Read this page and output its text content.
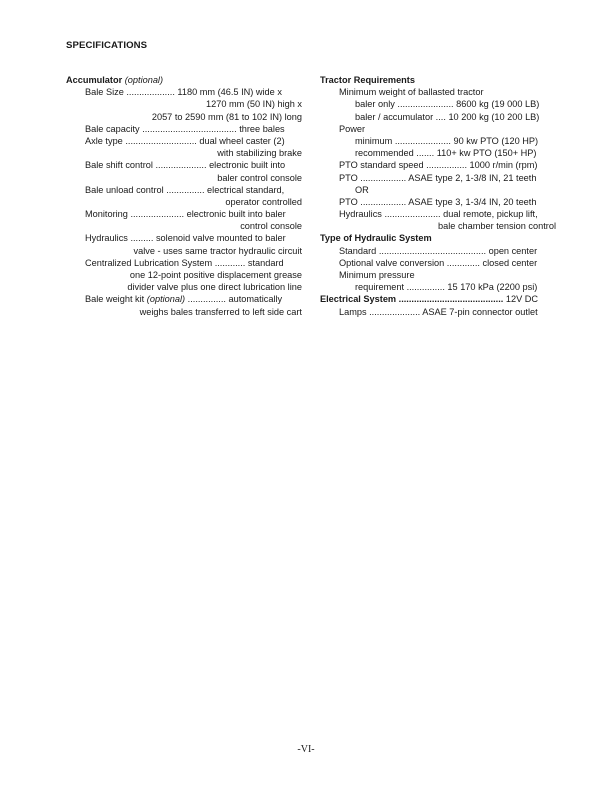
SPECIFICATIONS
Accumulator (optional)
Bale Size ................... 1180 mm (46.5 IN) wide x
1270 mm (50 IN) high x
2057 to 2590 mm (81 to 102 IN) long
Bale capacity ..................................... three bales
Axle type ............................ dual wheel caster (2)
with stabilizing brake
Bale shift control .................... electronic built into
baler control console
Bale unload control ............... electrical standard,
operator controlled
Monitoring ..................... electronic built into baler
control console
Hydraulics ......... solenoid valve mounted to baler
valve - uses same tractor hydraulic circuit
Centralized Lubrication System ............ standard
one 12-point positive displacement grease
divider valve plus one direct lubrication line
Bale weight kit (optional) ............... automatically
weighs bales transferred to left side cart
Tractor Requirements
Minimum weight of ballasted tractor
baler only ...................... 8600 kg (19 000 LB)
baler / accumulator .... 10 200 kg (10 200 LB)
Power
minimum ...................... 90 kw PTO (120 HP)
recommended ....... 110+ kw PTO (150+ HP)
PTO standard speed ................ 1000 r/min (rpm)
PTO .................. ASAE type 2, 1-3/8 IN, 21 teeth
OR
PTO .................. ASAE type 3, 1-3/4 IN, 20 teeth
Hydraulics ...................... dual remote, pickup lift,
bale chamber tension control
Type of Hydraulic System
Standard .......................................... open center
Optional valve conversion ............. closed center
Minimum pressure
requirement ............... 15 170 kPa (2200 psi)
Electrical System ......................................... 12V DC
Lamps .................... ASAE 7-pin connector outlet
-VI-
